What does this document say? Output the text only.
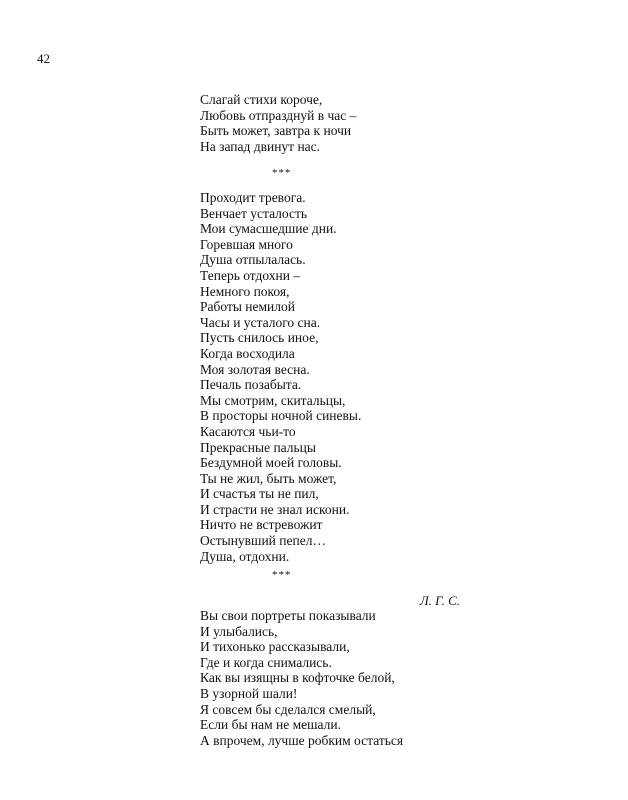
42
Слагай стихи короче,
Любовь отпразднуй в час –
Быть может, завтра к ночи
На запад двинут нас.
***
Проходит тревога.
Венчает усталость
Мои сумасшедшие дни.
Горевшая много
Душа отпылалась.
Теперь отдохни –
Немного покоя,
Работы немилой
Часы и усталого сна.
Пусть снилось иное,
Когда восходила
Моя золотая весна.
Печаль позабыта.
Мы смотрим, скитальцы,
В просторы ночной синевы.
Касаются чьи-то
Прекрасные пальцы
Бездумной моей головы.
Ты не жил, быть может,
И счастья ты не пил,
И страсти не знал искони.
Ничто не встревожит
Остынувший пепел…
Душа, отдохни.
***
Л. Г. С.
Вы свои портреты показывали
И улыбались,
И тихонько рассказывали,
Где и когда снимались.
Как вы изящны в кофточке белой,
В узорной шали!
Я совсем бы сделался смелый,
Если бы нам не мешали.
А впрочем, лучше робким остаться
